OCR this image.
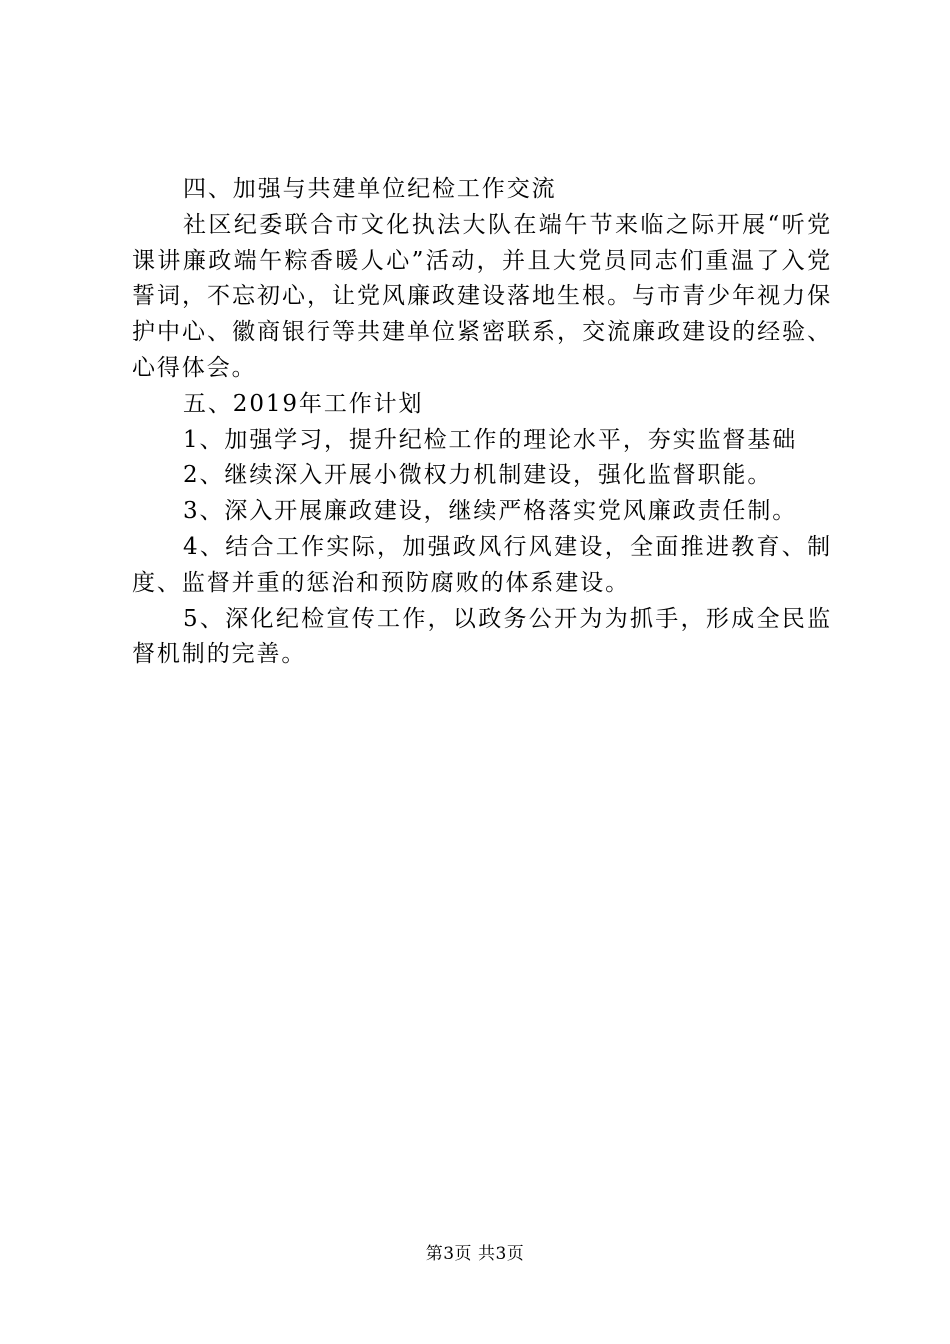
四、加强与共建单位纪检工作交流

社区纪委联合市文化执法大队在端午节来临之际开展“听党课讲廉政端午粽香暖人心”活动，并且大党员同志们重温了入党誓词，不忘初心，让党风廉政建设落地生根。与市青少年视力保护中心、徽商银行等共建单位紧密联系，交流廉政建设的经验、心得体会。

五、2019年工作计划

1、加强学习，提升纪检工作的理论水平，夯实监督基础

2、继续深入开展小微权力机制建设，强化监督职能。

3、深入开展廉政建设，继续严格落实党风廉政责任制。

4、结合工作实际，加强政风行风建设，全面推进教育、制度、监督并重的惩治和预防腐败的体系建设。

5、深化纪检宣传工作，以政务公开为为抓手，形成全民监督机制的完善。

第3页 共3页
